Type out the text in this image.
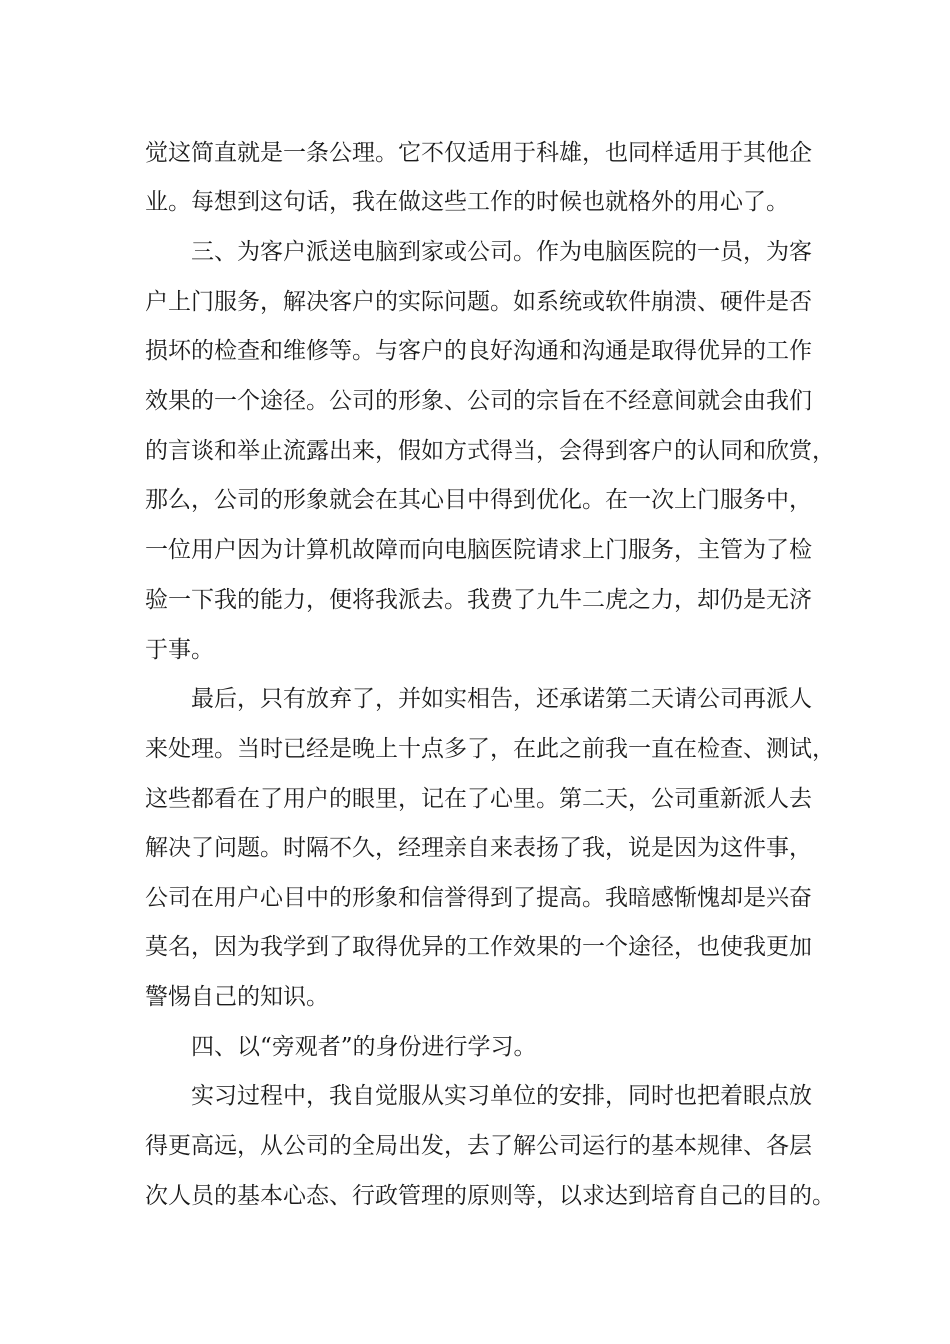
觉这简直就是一条公理。它不仅适用于科雄，也同样适用于其他企
业。每想到这句话，我在做这些工作的时候也就格外的用心了。
三、为客户派送电脑到家或公司。作为电脑医院的一员，为客
户上门服务，解决客户的实际问题。如系统或软件崩溃、硬件是否
损坏的检查和维修等。与客户的良好沟通和沟通是取得优异的工作
效果的一个途径。公司的形象、公司的宗旨在不经意间就会由我们
的言谈和举止流露出来，假如方式得当，会得到客户的认同和欣赏，
那么，公司的形象就会在其心目中得到优化。在一次上门服务中，
一位用户因为计算机故障而向电脑医院请求上门服务，主管为了检
验一下我的能力，便将我派去。我费了九牛二虎之力，却仍是无济
于事。
最后，只有放弃了，并如实相告，还承诺第二天请公司再派人
来处理。当时已经是晚上十点多了，在此之前我一直在检查、测试，
这些都看在了用户的眼里，记在了心里。第二天，公司重新派人去
解决了问题。时隔不久，经理亲自来表扬了我，说是因为这件事，
公司在用户心目中的形象和信誉得到了提高。我暗感惭愧却是兴奋
莫名，因为我学到了取得优异的工作效果的一个途径，也使我更加
警惕自己的知识。
四、以“旁观者”的身份进行学习。
实习过程中，我自觉服从实习单位的安排，同时也把着眼点放
得更高远，从公司的全局出发，去了解公司运行的基本规律、各层
次人员的基本心态、行政管理的原则等，以求达到培育自己的目的。
